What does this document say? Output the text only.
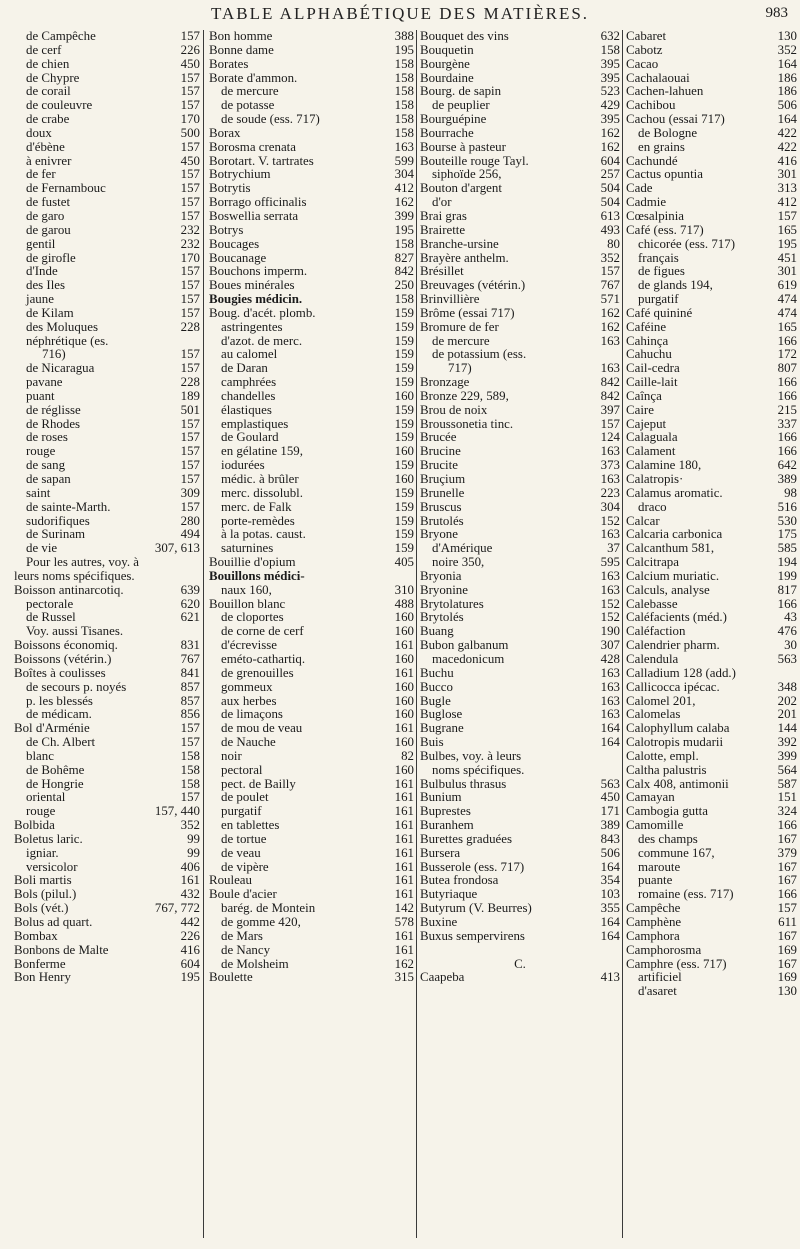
TABLE ALPHABÉTIQUE DES MATIÈRES.	983
de Campêche	157
de cerf	226
de chien	450
de Chypre	157
de corail	157
de couleuvre	157
de crabe	170
doux	500
d'ébène	157
à enivrer	450
de fer	157
de Fernambouc	157
de fustet	157
de garo	157
de garou	232
gentil	232
de girofle	170
d'Inde	157
des Iles	157
jaune	157
de Kilam	157
des Moluques	228
néphrétique (es.
716)	157
de Nicaragua	157
pavane	228
puant	189
de réglisse	501
de Rhodes	157
de roses	157
rouge	157
de sang	157
de sapan	157
saint	309
de sainte-Marth.	157
sudorifiques	280
de Surinam	494
de vie	307, 613
Pour les autres, voy. à
leurs noms spécifiques.
Boisson antinarcotiq.	639
pectorale	620
de Russel	621
Voy. aussi Tisanes.
Boissons économiq.	831
Boissons (vétérin.)	767
Boîtes à coulisses	841
de secours p. noyés	857
p. les blessés	857
de médicam.	856
Bol d'Arménie	157
de Ch. Albert	157
blanc	158
de Bohême	158
de Hongrie	158
oriental	157
rouge	157, 440
Bolbida	352
Boletus laric.	99
igniar.	99
versicolor	406
Boli martis	161
Bols (pilul.)	432
Bols (vét.)	767, 772
Bolus ad quart.	442
Bombax	226
Bonbons de Malte	416
Bonferme	604
Bon Henry	195
Bon homme	388
Bonne dame	195
Borates	158
Borate d'ammon.	158
de mercure	158
de potasse	158
de soude (ess. 717)	158
Borax	158
Borosma crenata	163
Borotart. V. tartrates	599
Botrychium	304
Botrytis	412
Borrago officinalis	162
Boswellia serrata	399
Botrys	195
Boucages	158
Boucanage	827
Bouchons imperm.	842
Boues minérales	250
Bougies médicin.	158
Boug. d'acét. plomb.	159
astringentes	159
d'azot. de merc.	159
au calomel	159
de Daran	159
camphrées	159
chandelles	160
élastiques	159
emplastiques	159
de Goulard	159
en gélatine 159,	160
iodurées	159
médic. à brûler	160
merc. dissolubl.	159
merc. de Falk	159
porte-remèdes	159
à la potas. caust.	159
saturnines	159
Bouillie d'opium	405
Bouillons médici-
naux 160,	310
Bouillon blanc	488
de cloportes	160
de corne de cerf	160
d'écrevisse	161
eméto-cathartiq.	160
de grenouilles	161
gommeux	160
aux herbes	160
de limaçons	160
de mou de veau	161
de Nauche	160
noir	82
pectoral	160
pect. de Bailly	161
de poulet	161
purgatif	161
en tablettes	161
de tortue	161
de veau	161
de vipère	161
Rouleau	161
Boule d'acier	161
barég. de Montein	142
de gomme 420,	578
de Mars	161
de Nancy	161
de Molsheim	162
Boulette	315
Bouquet des vins	632
Bouquetin	158
Bourgène	395
Bourdaine	395
Bourg. de sapin	523
de peuplier	429
Bourguépine	395
Bourrache	162
Bourse à pasteur	162
Bouteille rouge Tayl.	604
siphoïde 256,	257
Bouton d'argent	504
d'or	504
Brai gras	613
Brairette	493
Branche-ursine	80
Brayère anthelm.	352
Brésillet	157
Breuvages (vétérin.)	767
Brinvillière	571
Brôme (essai 717)	162
Bromure de fer	162
de mercure	163
de potassium (ess.
717)	163
Bronzage	842
Bronze 229, 589,	842
Brou de noix	397
Broussonetia tinc.	157
Brucée	124
Brucine	163
Brucite	373
Bruçium	163
Brunelle	223
Bruscus	304
Brutolés	152
Bryone	163
d'Amérique	37
noire 350,	595
Bryonia	163
Bryonine	163
Brytolatures	152
Brytolés	152
Buang	190
Bubon galbanum	307
macedonicum	428
Buchu	163
Bucco	163
Bugle	163
Buglose	163
Bugrane	164
Buis	164
Bulbes, voy. à leurs
noms spécifiques.
Bulbulus thrasus	563
Bunium	450
Buprestes	171
Buranhem	389
Burettes graduées	843
Bursera	506
Busserole (ess. 717)	164
Butea frondosa	354
Butyriaque	103
Butyrum (V. Beurres)	355
Buxine	164
Buxus sempervirens	164
C.
Caapeba	413
Cabaret	130
Cabotz	352
Cacao	164
Cachalaouai	186
Cachen-lahuen	186
Cachibou	506
Cachou (essai 717)	164
de Bologne	422
en grains	422
Cachundé	416
Cactus opuntia	301
Cade	313
Cadmie	412
Cœsalpinia	157
Café (ess. 717)	165
chicorée (ess. 717)	195
français	451
de figues	301
de glands 194,	619
purgatif	474
Café quininé	474
Caféine	165
Cahinça	166
Cahuchu	172
Cail-cedra	807
Caille-lait	166
Caînça	166
Caire	215
Cajeput	337
Calaguala	166
Calament	166
Calamine 180,	642
Calatropis·	389
Calamus aromatic.	98
draco	516
Calcar	530
Calcaria carbonica	175
Calcanthum 581,	585
Calcitrapa	194
Calcium muriatic.	199
Calculs, analyse	817
Calebasse	166
Caléfacients (méd.)	43
Caléfaction	476
Calendrier pharm.	30
Calendula	563
Calladium 128 (add.)
Callicocca ipécac.	348
Calomel 201,	202
Calomelas	201
Calophyllum calaba	144
Calotropis mudarii	392
Calotte, empl.	399
Caltha palustris	564
Calx 408, antimonii	587
Camayan	151
Cambogia gutta	324
Camomille	166
des champs	167
commune 167,	379
maroute	167
puante	167
romaine (ess. 717)	166
Campêche	157
Camphène	611
Camphora	167
Camphorosma	169
Camphre (ess. 717)	167
artificiel	169
d'asaret	130
